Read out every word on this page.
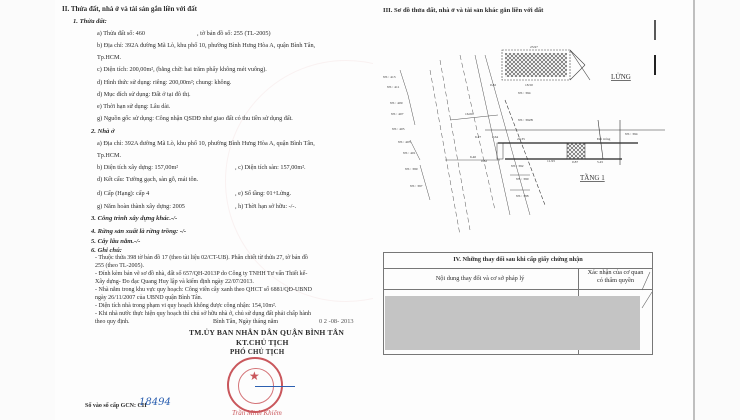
II. Thửa đất, nhà ở và tài sản gắn liền với đất
1. Thửa đất:
a) Thửa đất số: 460	, tờ bản đồ số: 255 (TL-2005)
b) Địa chỉ: 392A đường Mã Lò, khu phố 10, phường Bình Hưng Hòa A, quận Bình Tân,
Tp.HCM.
c) Diện tích: 200,00m², (bằng chữ: hai trăm phẩy không mét vuông).
d) Hình thức sử dụng: riêng: 200,00m²; chung: không.
d) Mục đích sử dụng: Đất ở tại đô thị.
e) Thời hạn sử dụng: Lâu dài.
g) Nguồn gốc sử dụng: Công nhận QSDĐ như giao đất có thu tiền sử dụng đất.
2. Nhà ở
a) Địa chỉ: 392A đường Mã Lò, khu phố 10, phường Bình Hưng Hòa A, quận Bình Tân,
Tp.HCM.
b) Diện tích xây dựng: 157,00m²	, c) Diện tích sàn: 157,00m².
d) Kết cấu: Tường gạch, sàn gỗ, mái tôn.
d) Cấp (Hạng): cấp 4	, e) Số tầng: 01+Lửng.
g) Năm hoàn thành xây dựng: 2005	, h) Thời hạn sở hữu: -/-.
3. Công trình xây dựng khác.-/-
4. Rừng sản xuất là rừng trồng: -/-
5. Cây lâu năm.-/-
6. Ghi chú:
- Thuộc thửa 398 tờ bản đồ 17 (theo tài liệu 02/CT-UB). Phân chiết từ thửa 27, tờ bản đồ
255 (theo TL-2005).
- Đính kèm bản vẽ sơ đồ nhà, đất số 657/QH-2013P do Công ty TNHH Tư vấn Thiết kế-
Xây dựng- Đo đạc Quang Huy lập và kiểm định ngày 22/07/2013.
- Nhà nằm trong khu vực quy hoạch: Công viên cây xanh theo QHCT số 6881/QĐ-UBND
ngày 26/11/2007 của UBND quận Bình Tân.
- Diện tích nhà trong phạm vi quy hoạch không được công nhận: 154,10m².
- Khi nhà nước thực hiện quy hoạch thì chủ sở hữu nhà ở, chủ sử dụng đất phải chấp hành
theo quy định.	Bình Tân, Ngày tháng năm	0 2 -08- 2013
TM.ỦY BAN NHÂN DÂN QUẬN BÌNH TÂN
KT.CHỦ TỊCH
PHÓ CHỦ TỊCH
★
Trần Minh Khiêm
Số vào sổ cấp GCN: CH
18494
III. Sơ đồ thửa đất, nhà ở và tài sản khác gắn liền với đất
NS : 413
NS : 411
NS : 409
NS : 407
NS : 405
NS : 403
NS : 401
NS : 399
NS : 397
NS : 394
NS : 392B
NS : 392
NS : 390
NS : 388
NS : 394
Đất trống
23.97
18.50
0.82
16.00
6.27	2.64	20.35
6.40
0.82	11.93	0.87	5.45
LỬNG
TẦNG 1
IV. Những thay đổi sau khi cấp giấy chứng nhận
Nội dung thay đổi và cơ sở pháp lý
Xác nhận của cơ quan
có thẩm quyền
